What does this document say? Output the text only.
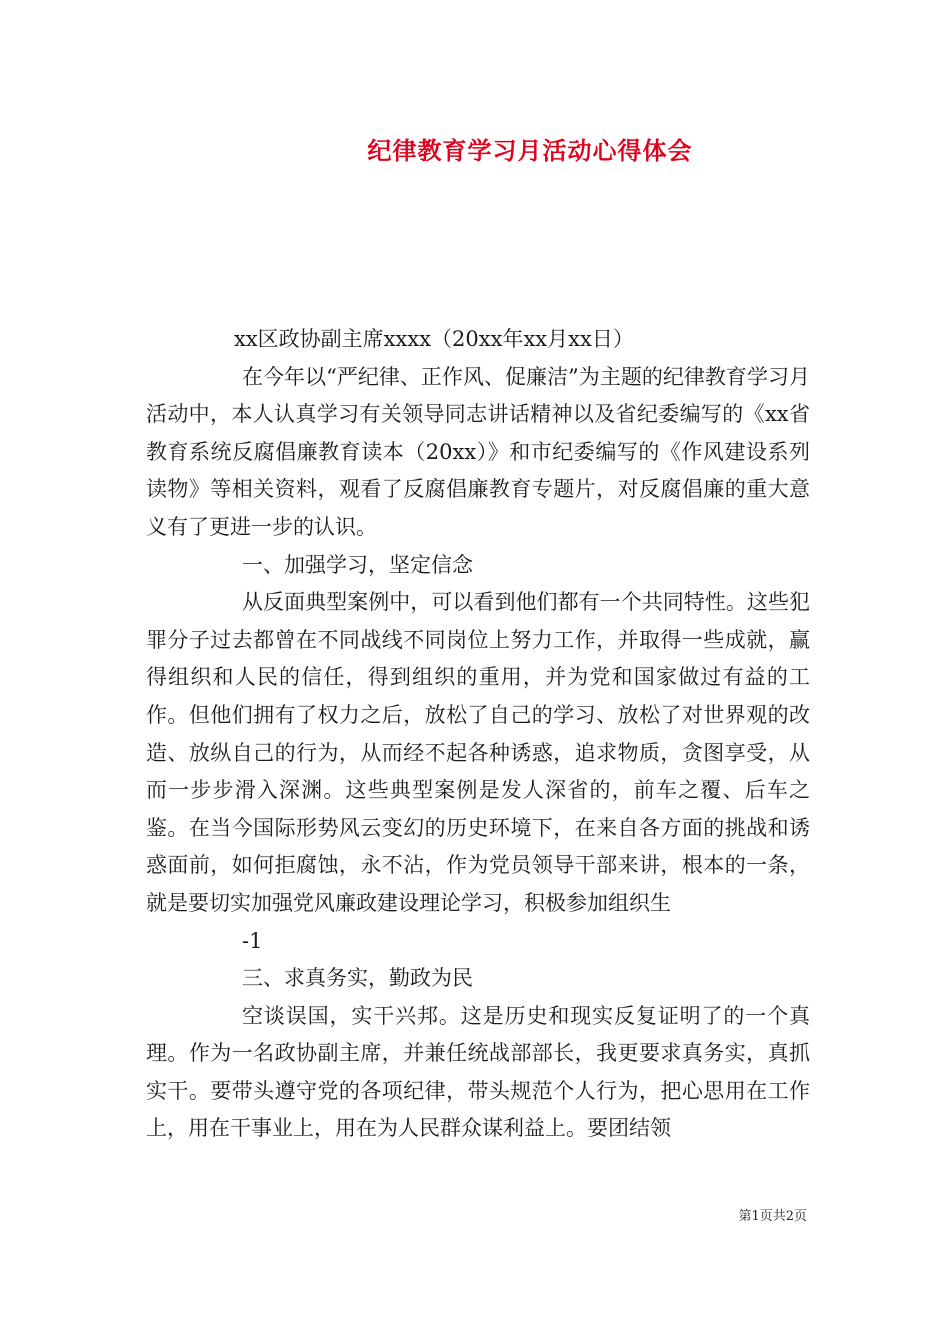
纪律教育学习月活动心得体会

xx区政协副主席xxxx（20xx年xx月xx日）

在今年以“严纪律、正作风、促廉洁”为主题的纪律教育学习月活动中，本人认真学习有关领导同志讲话精神以及省纪委编写的《xx省教育系统反腐倡廉教育读本（20xx）》和市纪委编写的《作风建设系列读物》等相关资料，观看了反腐倡廉教育专题片，对反腐倡廉的重大意义有了更进一步的认识。

一、加强学习，坚定信念

从反面典型案例中，可以看到他们都有一个共同特性。这些犯罪分子过去都曾在不同战线不同岗位上努力工作，并取得一些成就，赢得组织和人民的信任，得到组织的重用，并为党和国家做过有益的工作。但他们拥有了权力之后，放松了自己的学习、放松了对世界观的改造、放纵自己的行为，从而经不起各种诱惑，追求物质，贪图享受，从而一步步滑入深渊。这些典型案例是发人深省的，前车之覆、后车之鉴。在当今国际形势风云变幻的历史环境下，在来自各方面的挑战和诱惑面前，如何拒腐蚀，永不沾，作为党员领导干部来讲，根本的一条，就是要切实加强党风廉政建设理论学习，积极参加组织生

-1

三、求真务实，勤政为民

空谈误国，实干兴邦。这是历史和现实反复证明了的一个真理。作为一名政协副主席，并兼任统战部部长，我更要求真务实，真抓实干。要带头遵守党的各项纪律，带头规范个人行为，把心思用在工作上，用在干事业上，用在为人民群众谋利益上。要团结领

第1页共2页
